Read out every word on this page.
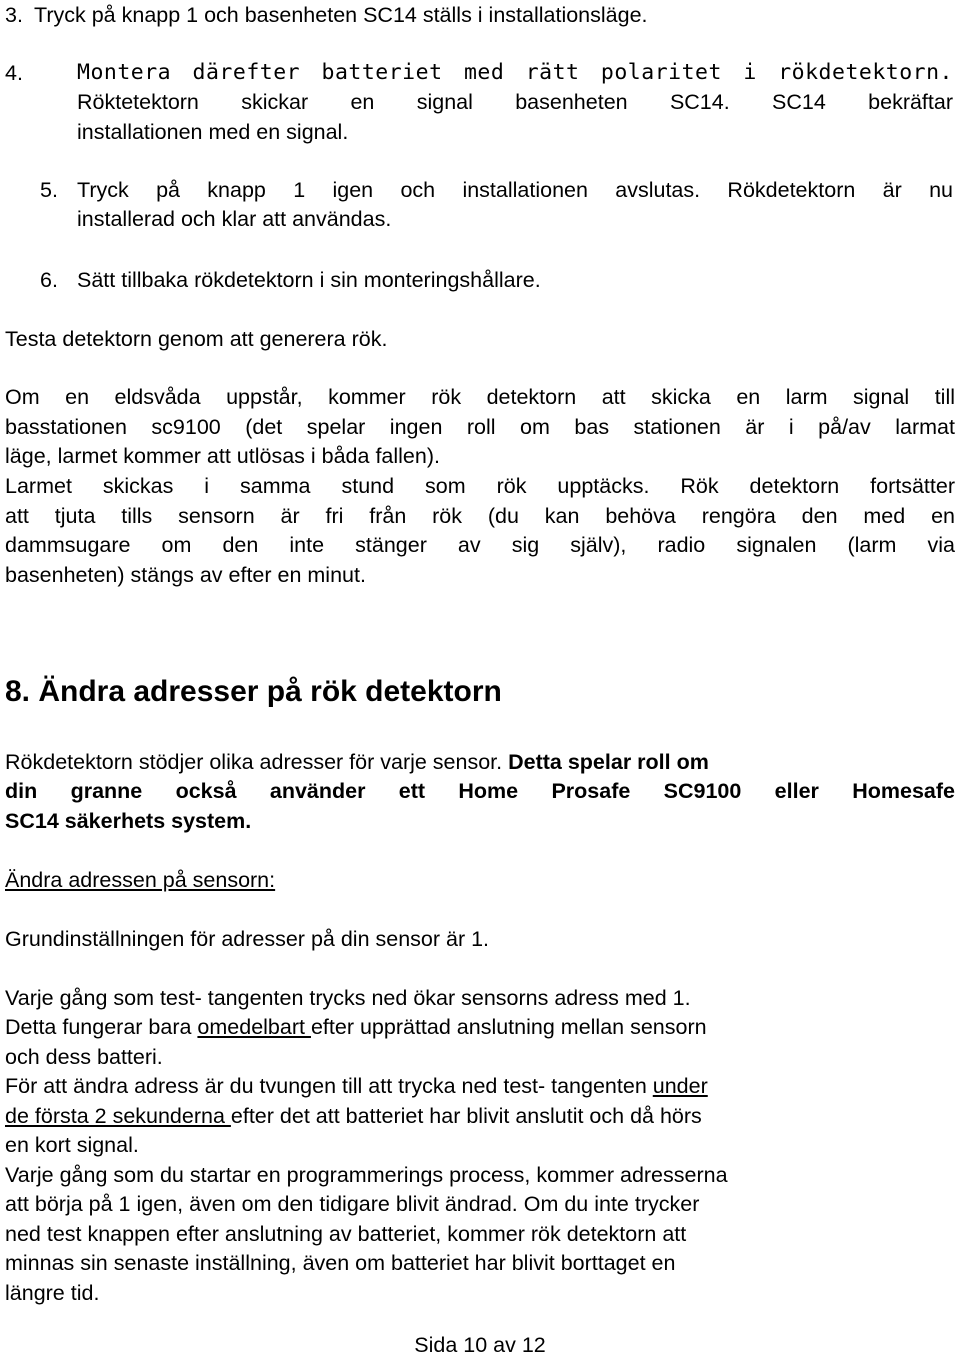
3. Tryck på knapp 1 och basenheten SC14 ställs i installationsläge.
4.	Montera därefter batteriet med rätt polaritet i rökdetektorn.
Röktetektorn skickar en signal basenheten SC14. SC14 bekräftar
installationen med en signal.
5. Tryck på knapp 1 igen och installationen avslutas. Rökdetektorn är nu
installerad och klar att användas.
6. Sätt tillbaka rökdetektorn i sin monteringshållare.
Testa detektorn genom att generera rök.
Om en eldsvåda uppstår, kommer rök detektorn att skicka en larm signal till
basstationen sc9100 (det spelar ingen roll om bas stationen är i på/av larmat
läge, larmet kommer att utlösas i båda fallen).
Larmet skickas i samma stund som rök upptäcks. Rök detektorn fortsätter
att tjuta tills sensorn är fri från rök (du kan behöva rengöra den med en
dammsugare om den inte stänger av sig själv), radio signalen (larm via
basenheten) stängs av efter en minut.
8. Ändra adresser på rök detektorn
Rökdetektorn stödjer olika adresser för varje sensor. Detta spelar roll om
din granne också använder ett Home Prosafe SC9100 eller Homesafe
SC14 säkerhets system.
Ändra adressen på sensorn:
Grundinställningen för adresser på din sensor är 1.
Varje gång som test- tangenten trycks ned ökar sensorns adress med 1.
Detta fungerar bara omedelbart efter upprättad anslutning mellan sensorn
och dess batteri.
För att ändra adress är du tvungen till att trycka ned test- tangenten under
de första 2 sekunderna efter det att batteriet har blivit anslutit och då hörs
en kort signal.
Varje gång som du startar en programmerings process, kommer adresserna
att börja på 1 igen, även om den tidigare blivit ändrad. Om du inte trycker
ned test knappen efter anslutning av batteriet, kommer rök detektorn att
minnas sin senaste inställning, även om batteriet har blivit borttaget en
längre tid.
Sida 10 av 12
